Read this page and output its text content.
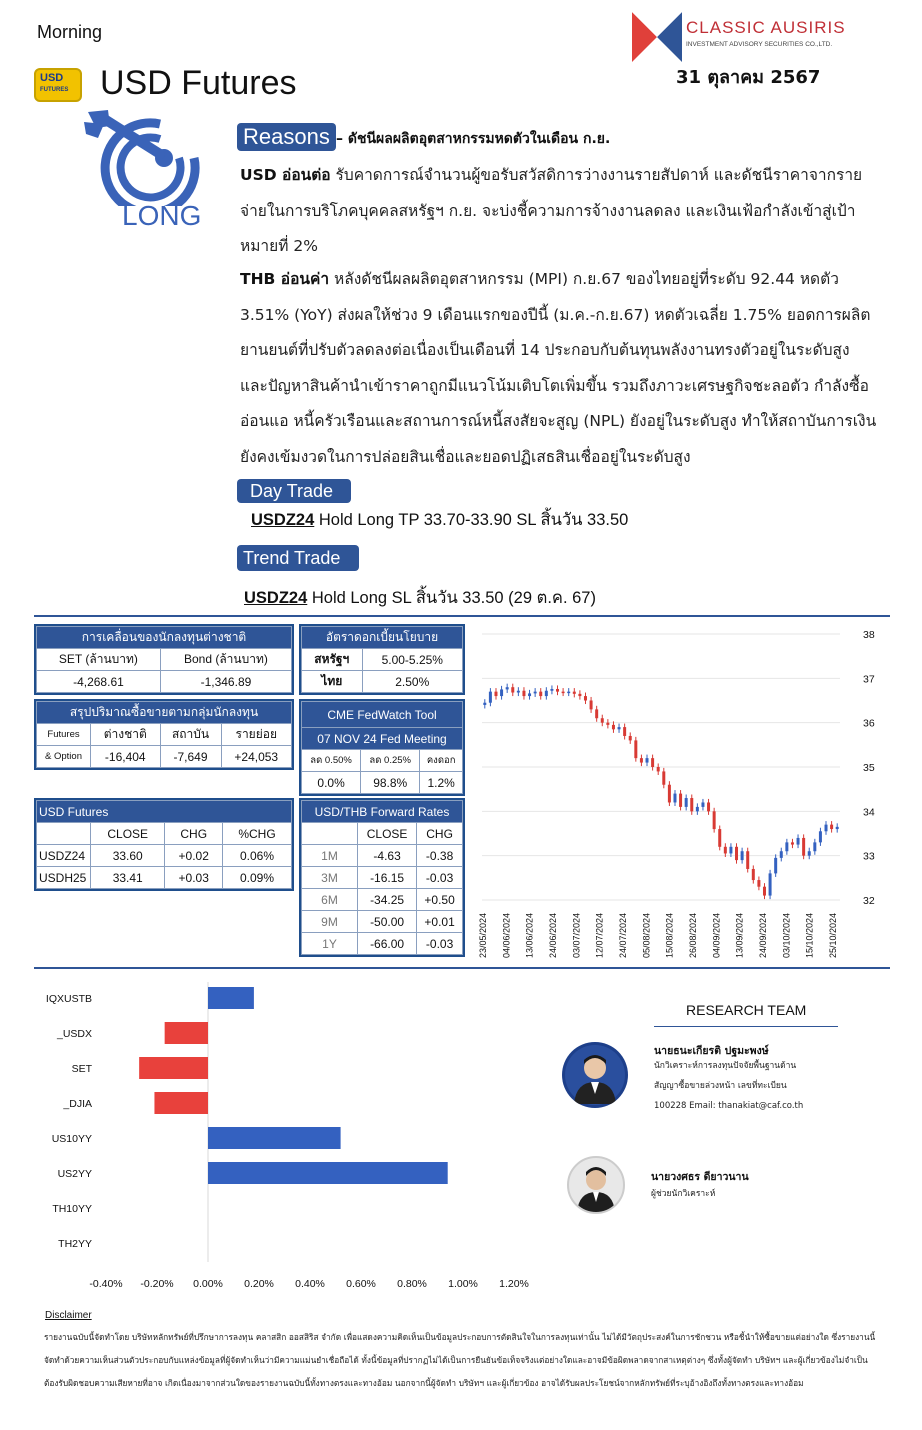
Morning
USD
FUTURES USD Futures
CLASSIC AUSIRIS
INVESTMENT ADVISORY SECURITIES CO.,LTD.
31 ตุลาคม 2567
LONG
Reasons – ดัชนีผลผลิตอุตสาหกรรมหดตัวในเดือน ก.ย.
USD อ่อนต่อ รับคาดการณ์จำนวนผู้ขอรับสวัสดิการว่างงานรายสัปดาห์ และดัชนีราคาจากรายจ่ายในการบริโภคบุคคลสหรัฐฯ ก.ย. จะบ่งชี้ความการจ้างงานลดลง และเงินเฟ้อกำลังเข้าสู่เป้าหมายที่ 2%
THB อ่อนค่า หลังดัชนีผลผลิตอุตสาหกรรม (MPI) ก.ย.67 ของไทยอยู่ที่ระดับ 92.44 หดตัว 3.51% (YoY) ส่งผลให้ช่วง 9 เดือนแรกของปีนี้ (ม.ค.-ก.ย.67) หดตัวเฉลี่ย 1.75% ยอดการผลิตยานยนต์ที่ปรับตัวลดลงต่อเนื่องเป็นเดือนที่ 14 ประกอบกับต้นทุนพลังงานทรงตัวอยู่ในระดับสูง และปัญหาสินค้านำเข้าราคาถูกมีแนวโน้มเติบโตเพิ่มขึ้น รวมถึงภาวะเศรษฐกิจชะลอตัว กำลังซื้ออ่อนแอ หนี้ครัวเรือนและสถานการณ์หนี้สงสัยจะสูญ (NPL) ยังอยู่ในระดับสูง ทำให้สถาบันการเงินยังคงเข้มงวดในการปล่อยสินเชื่อและยอดปฏิเสธสินเชื่ออยู่ในระดับสูง
Day Trade
USDZ24 Hold Long TP 33.70-33.90 SL สิ้นวัน 33.50
Trend Trade
USDZ24 Hold Long SL สิ้นวัน 33.50 (29 ต.ค. 67)
การเคลื่อนของนักลงทุนต่างชาติ	
SET (ล้านบาท)	Bond (ล้านบาท)
-4,268.61	-1,346.89
สรุปปริมาณซื้อขายตามกลุ่มนักลงทุน			
Futures	ต่างชาติ	สถาบัน	รายย่อย
& Option	-16,404	-7,649	+24,053
USD Futures			
	CLOSE	CHG	%CHG
USDZ24	33.60	+0.02	0.06%
USDH25	33.41	+0.03	0.09%
อัตราดอกเบี้ยนโยบาย	
สหรัฐฯ	5.00-5.25%
ไทย	2.50%
CME FedWatch Tool		
07 NOV 24 Fed Meeting		
ลด 0.50%	ลด 0.25%	คงดอก
0.0%	98.8%	1.2%
USD/THB Forward Rates		
	CLOSE	CHG
1M	-4.63	-0.38
3M	-16.15	-0.03
6M	-34.25	+0.50
9M	-50.00	+0.01
1Y	-66.00	-0.03
38
37
36
35
34
33
32
23/05/2024 04/06/2024 13/06/2024 24/06/2024 03/07/2024 12/07/2024 24/07/2024 05/08/2024 15/08/2024 26/08/2024 04/09/2024 13/09/2024 24/09/2024 03/10/2024 15/10/2024 25/10/2024
IQXUSTB
_USDX
SET
_DJIA
US10YY
US2YY
TH10YY
TH2YY
-0.40% -0.20% 0.00% 0.20% 0.40% 0.60% 0.80% 1.00% 1.20%
RESEARCH TEAM
นายธนะเกียรติ ปฐมะพงษ์
นักวิเคราะห์การลงทุนปัจจัยพื้นฐานด้าน
สัญญาซื้อขายล่วงหน้า เลขที่ทะเบียน
100228 Email: thanakiat@caf.co.th
นายวงศธร ดียาวนาน
ผู้ช่วยนักวิเคราะห์
Disclaimer
รายงานฉบับนี้จัดทำโดย บริษัทหลักทรัพย์ที่ปรึกษาการลงทุน คลาสสิก ออสสิริส จำกัด เพื่อแสดงความคิดเห็นเป็นข้อมูลประกอบการตัดสินใจในการลงทุนเท่านั้น ไม่ได้มีวัตถุประสงค์ในการชักชวน หรือชี้นำให้ซื้อขายแต่อย่างใด ซึ่งรายงานนี้ จัดทำด้วยความเห็นส่วนตัวประกอบกับแหล่งข้อมูลที่ผู้จัดทำเห็นว่ามีความแม่นยำเชื่อถือได้ ทั้งนี้ข้อมูลที่ปรากฏไม่ได้เป็นการยืนยันข้อเท็จจริงแต่อย่างใดและอาจมีข้อผิดพลาดจากสาเหตุต่างๆ ซึ่งทั้งผู้จัดทำ บริษัทฯ และผู้เกี่ยวข้องไม่จำเป็นต้องรับผิดชอบความเสียหายที่อาจ เกิดเนื่องมาจากส่วนใดของรายงานฉบับนี้ทั้งทางตรงและทางอ้อม นอกจากนี้ผู้จัดทำ บริษัทฯ และผู้เกี่ยวข้อง อาจได้รับผลประโยชน์จากหลักทรัพย์ที่ระบุอ้างอิงถึงทั้งทางตรงและทางอ้อม
